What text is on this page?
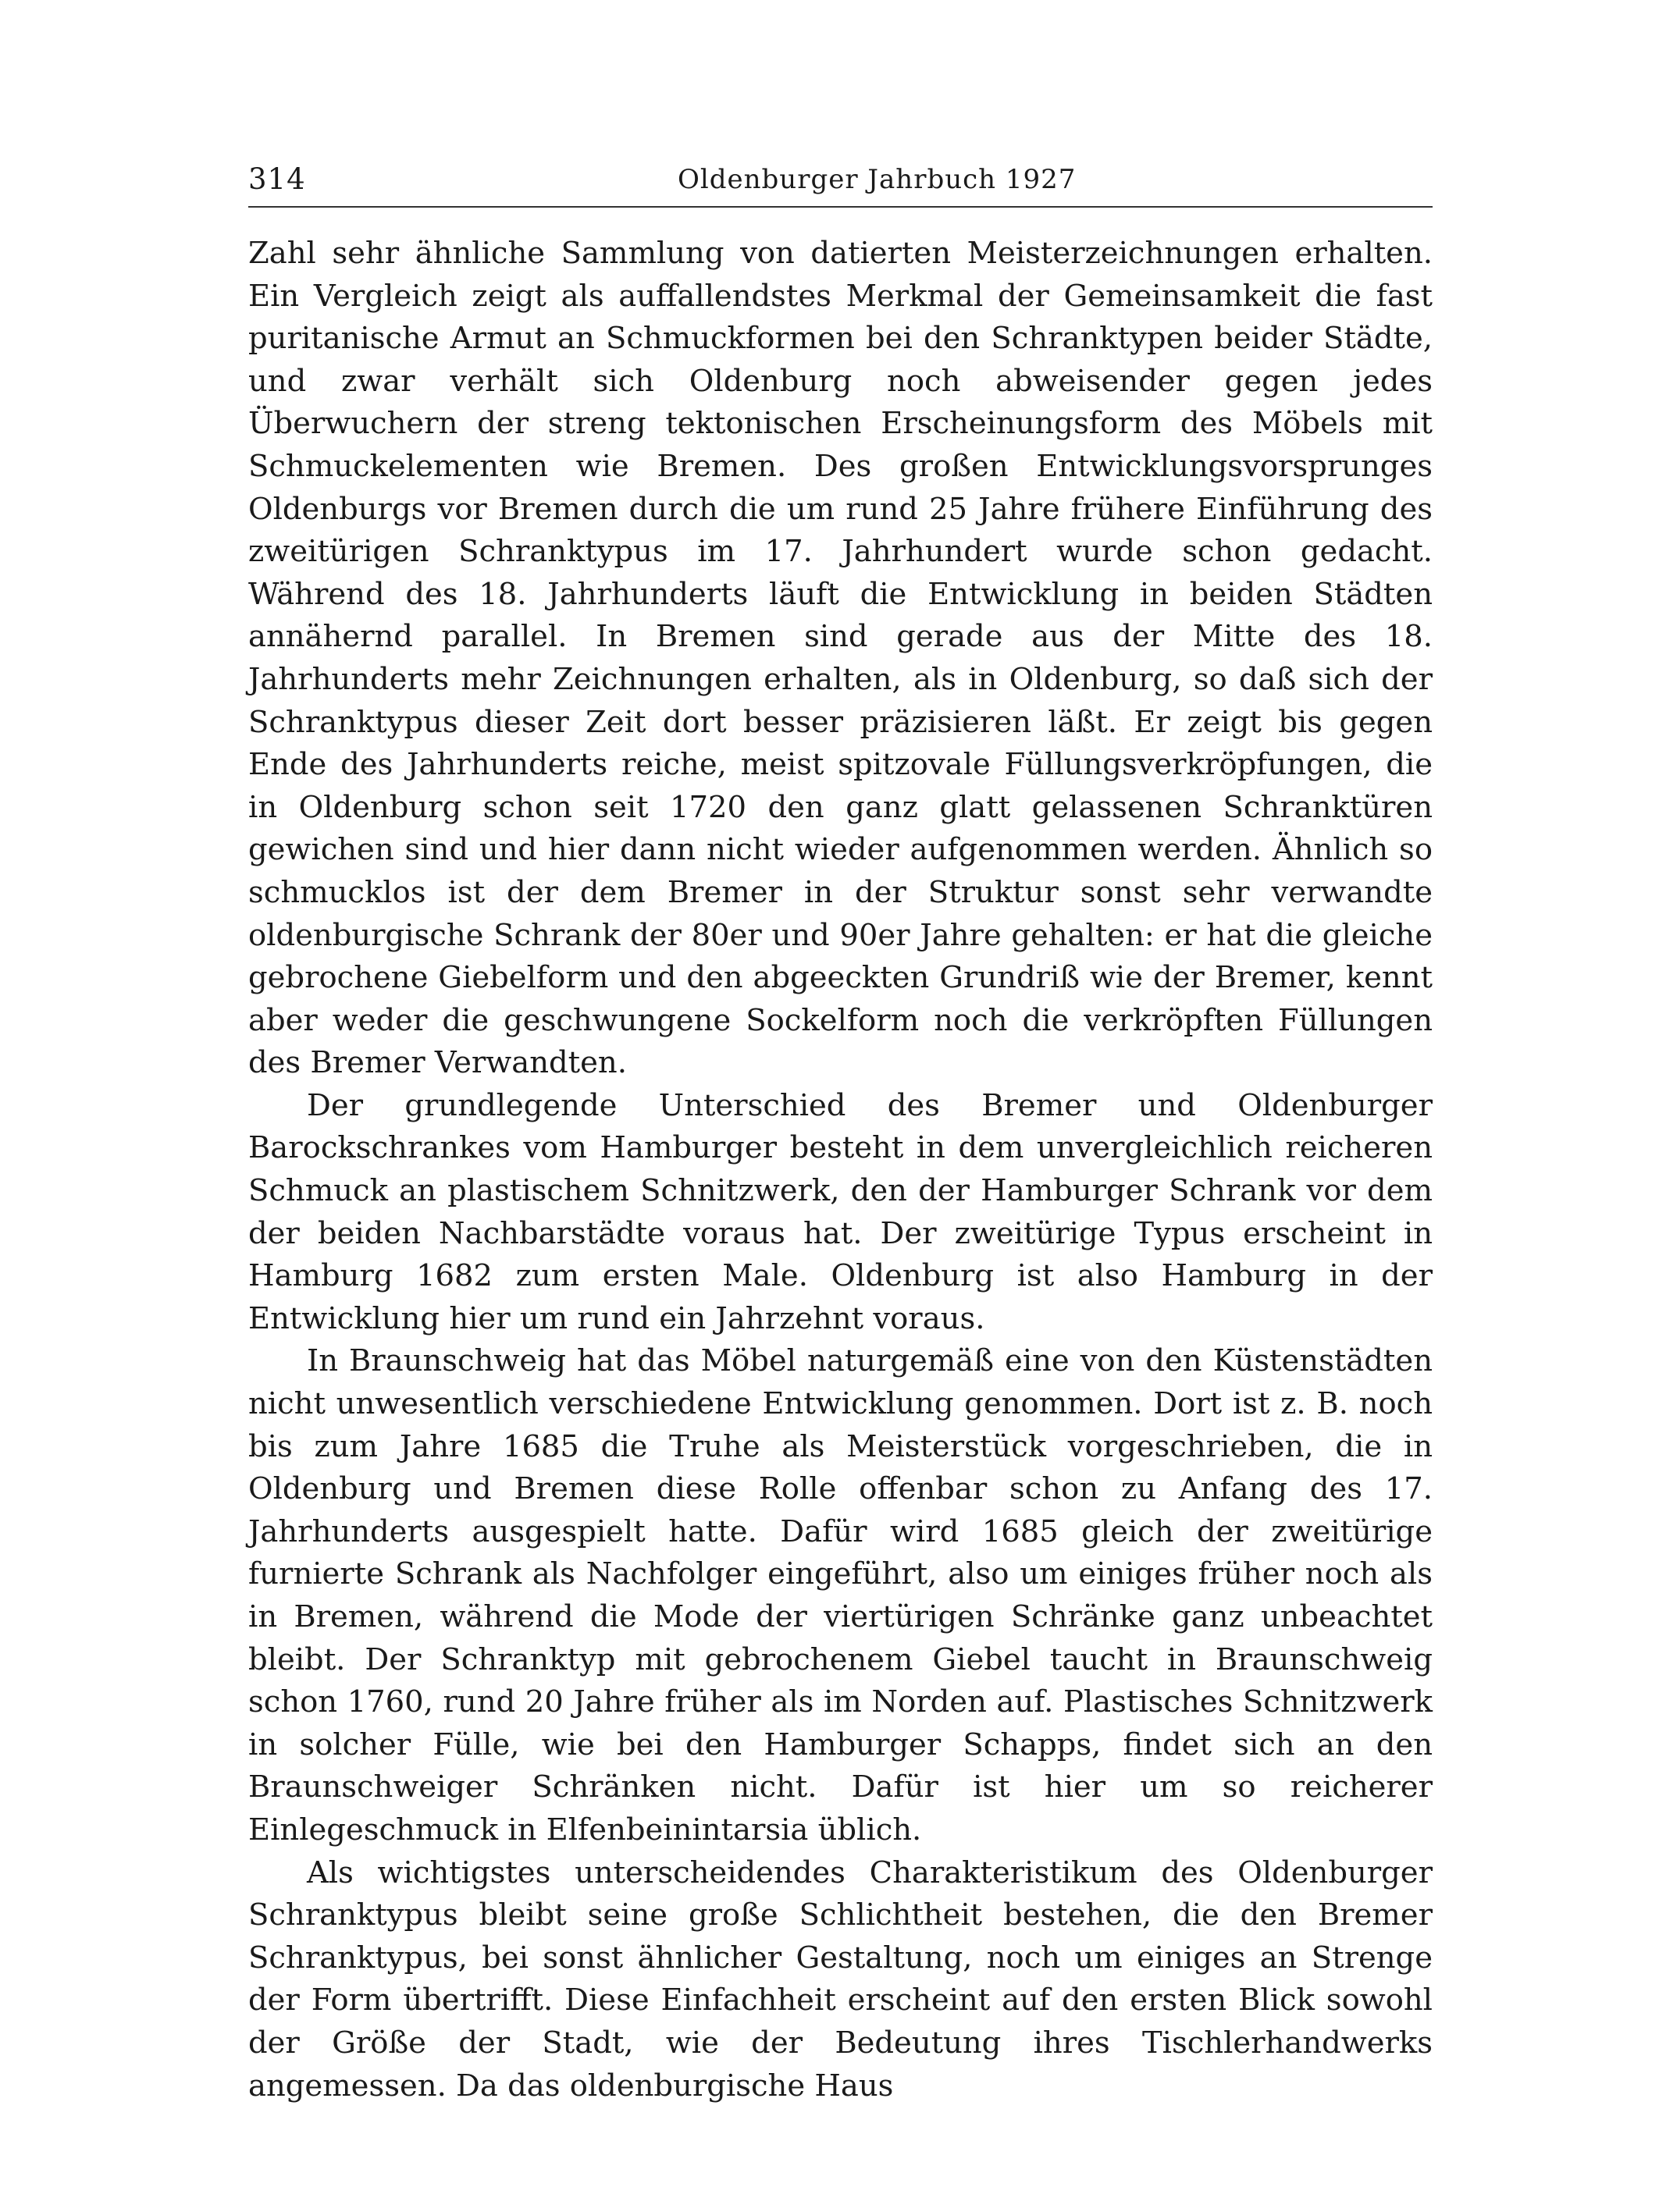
314	Oldenburger Jahrbuch 1927

Zahl sehr ähnliche Sammlung von datierten Meisterzeichnungen erhalten. Ein Vergleich zeigt als auffallendstes Merkmal der Gemeinsamkeit die fast puritanische Armut an Schmuckformen bei den Schranktypen beider Städte, und zwar verhält sich Oldenburg noch abweisender gegen jedes Überwuchern der streng tektonischen Erscheinungsform des Möbels mit Schmuckelementen wie Bremen. Des großen Entwicklungsvorsprunges Oldenburgs vor Bremen durch die um rund 25 Jahre frühere Einführung des zweitürigen Schranktypus im 17. Jahrhundert wurde schon gedacht. Während des 18. Jahrhunderts läuft die Entwicklung in beiden Städten annähernd parallel. In Bremen sind gerade aus der Mitte des 18. Jahrhunderts mehr Zeichnungen erhalten, als in Oldenburg, so daß sich der Schranktypus dieser Zeit dort besser präzisieren läßt. Er zeigt bis gegen Ende des Jahrhunderts reiche, meist spitzovale Füllungsverkröpfungen, die in Oldenburg schon seit 1720 den ganz glatt gelassenen Schranktüren gewichen sind und hier dann nicht wieder aufgenommen werden. Ähnlich so schmucklos ist der dem Bremer in der Struktur sonst sehr verwandte oldenburgische Schrank der 80er und 90er Jahre gehalten: er hat die gleiche gebrochene Giebelform und den abgeeckten Grundriß wie der Bremer, kennt aber weder die geschwungene Sockelform noch die verkröpften Füllungen des Bremer Verwandten.

Der grundlegende Unterschied des Bremer und Oldenburger Barockschrankes vom Hamburger besteht in dem unvergleichlich reicheren Schmuck an plastischem Schnitzwerk, den der Hamburger Schrank vor dem der beiden Nachbarstädte voraus hat. Der zweitürige Typus erscheint in Hamburg 1682 zum ersten Male. Oldenburg ist also Hamburg in der Entwicklung hier um rund ein Jahrzehnt voraus.

In Braunschweig hat das Möbel naturgemäß eine von den Küstenstädten nicht unwesentlich verschiedene Entwicklung genommen. Dort ist z. B. noch bis zum Jahre 1685 die Truhe als Meisterstück vorgeschrieben, die in Oldenburg und Bremen diese Rolle offenbar schon zu Anfang des 17. Jahrhunderts ausgespielt hatte. Dafür wird 1685 gleich der zweitürige furnierte Schrank als Nachfolger eingeführt, also um einiges früher noch als in Bremen, während die Mode der viertürigen Schränke ganz unbeachtet bleibt. Der Schranktyp mit gebrochenem Giebel taucht in Braunschweig schon 1760, rund 20 Jahre früher als im Norden auf. Plastisches Schnitzwerk in solcher Fülle, wie bei den Hamburger Schapps, findet sich an den Braunschweiger Schränken nicht. Dafür ist hier um so reicherer Einlegeschmuck in Elfenbeinintarsia üblich.

Als wichtigstes unterscheidendes Charakteristikum des Oldenburger Schranktypus bleibt seine große Schlichtheit bestehen, die den Bremer Schranktypus, bei sonst ähnlicher Gestaltung, noch um einiges an Strenge der Form übertrifft. Diese Einfachheit erscheint auf den ersten Blick sowohl der Größe der Stadt, wie der Bedeutung ihres Tischlerhandwerks angemessen. Da das oldenburgische Haus
